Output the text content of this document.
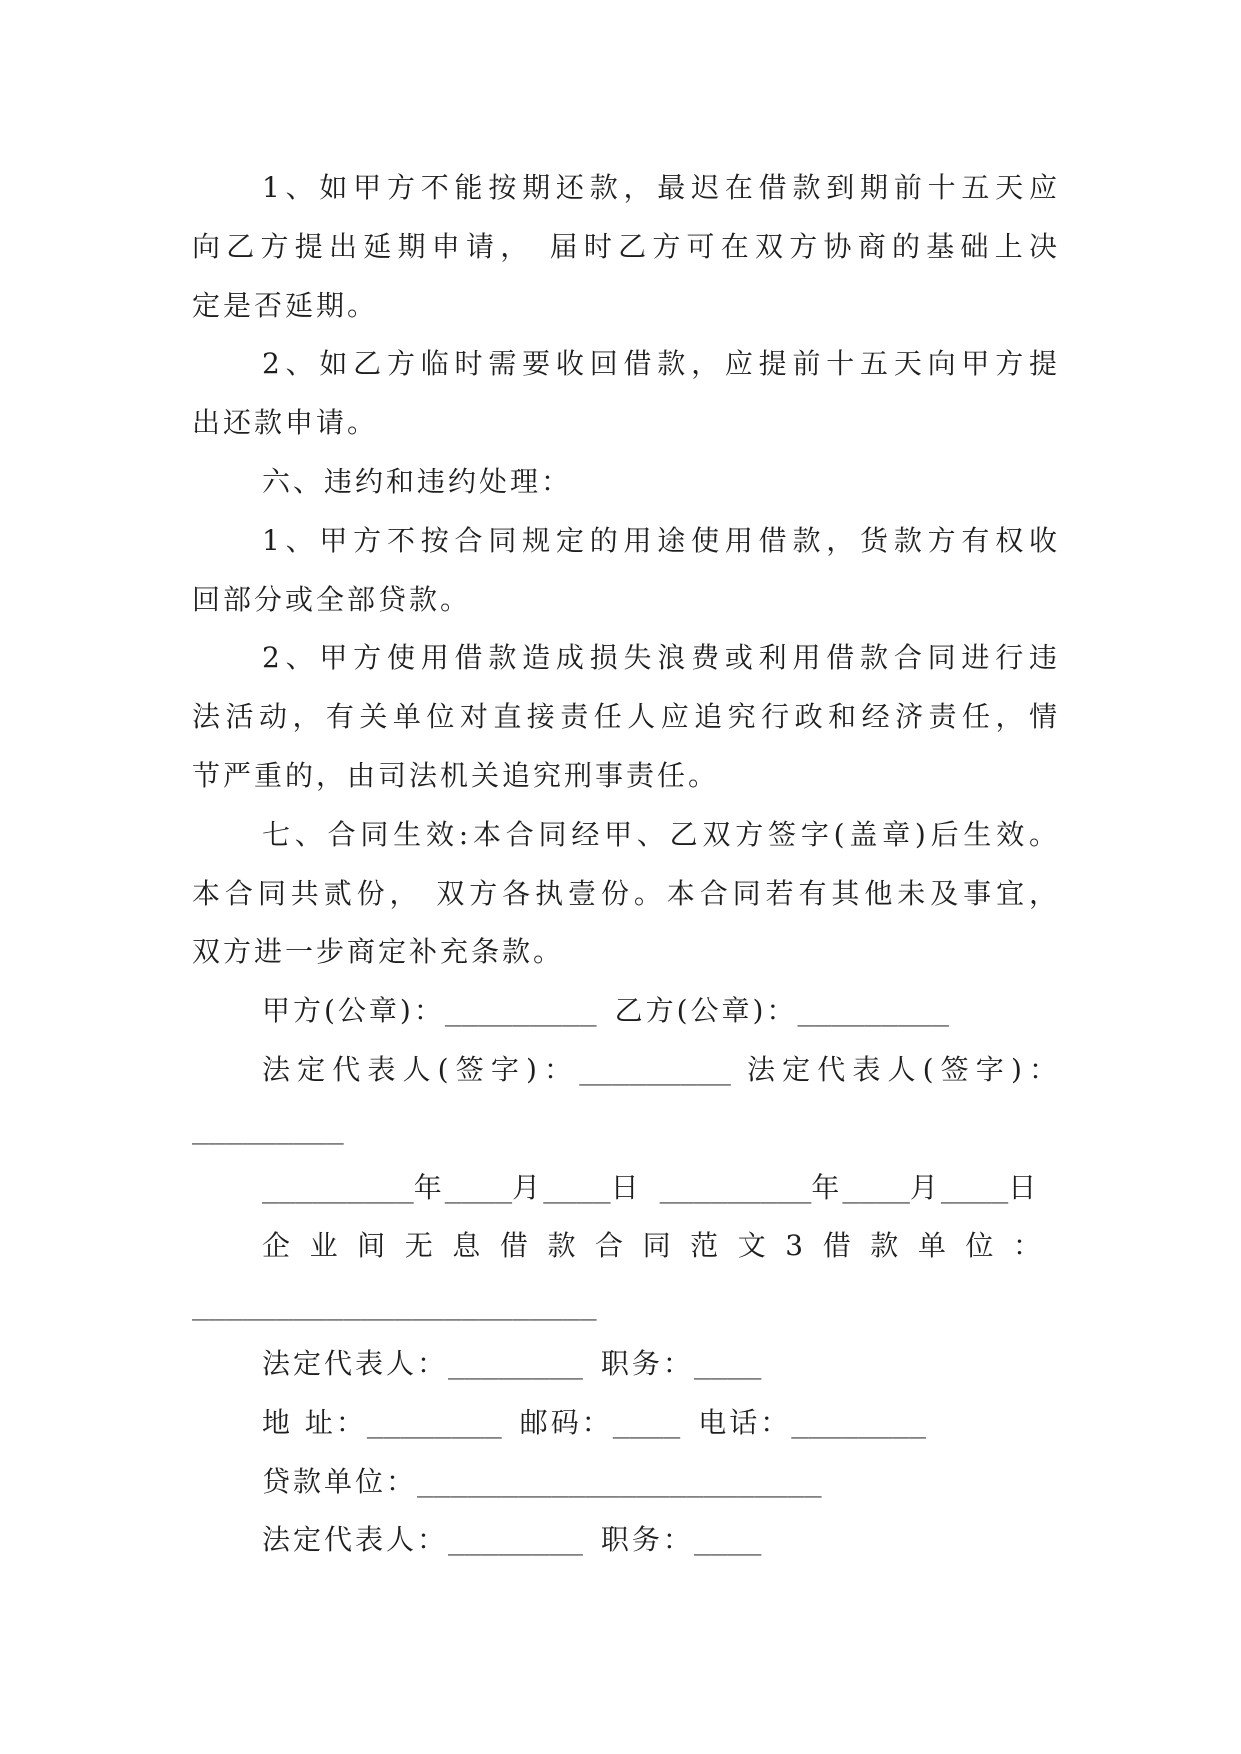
1、如甲方不能按期还款，最迟在借款到期前十五天应
向乙方提出延期申请， 届时乙方可在双方协商的基础上决
定是否延期。
2、如乙方临时需要收回借款，应提前十五天向甲方提
出还款申请。
六、违约和违约处理：
1、甲方不按合同规定的用途使用借款，货款方有权收
回部分或全部贷款。
2、甲方使用借款造成损失浪费或利用借款合同进行违
法活动，有关单位对直接责任人应追究行政和经济责任，情
节严重的，由司法机关追究刑事责任。
七、合同生效:本合同经甲、乙双方签字(盖章)后生效。
本合同共贰份， 双方各执壹份。本合同若有其他未及事宜，
双方进一步商定补充条款。
甲方(公章)：_________ 乙方(公章)：_________
法定代表人(签字)：_________ 法定代表人(签字)：
_________
_________年____月____日 _________年____月____日
企业间无息借款合同范文3借款单位：
________________________
法定代表人：________ 职务：____
地 址：________ 邮码：____ 电话：________
贷款单位：________________________
法定代表人：________ 职务：____
